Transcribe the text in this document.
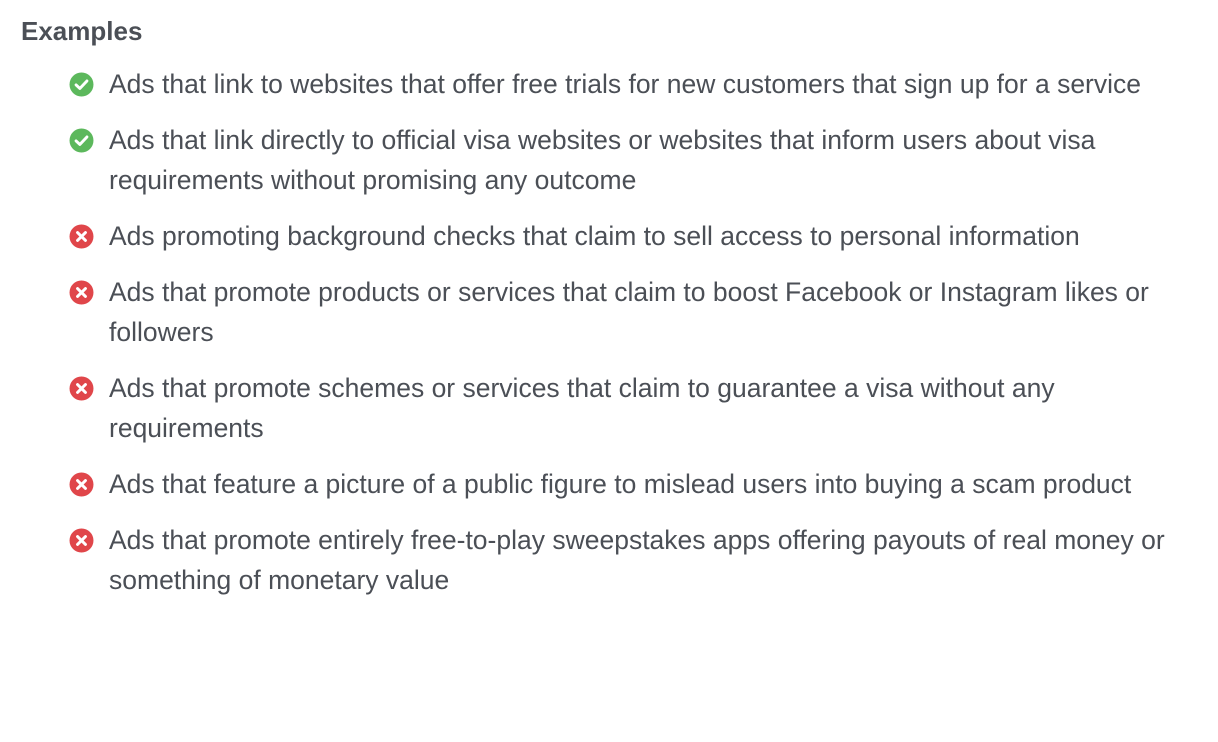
Examples
Ads that link to websites that offer free trials for new customers that sign up for a service
Ads that link directly to official visa websites or websites that inform users about visa requirements without promising any outcome
Ads promoting background checks that claim to sell access to personal information
Ads that promote products or services that claim to boost Facebook or Instagram likes or followers
Ads that promote schemes or services that claim to guarantee a visa without any requirements
Ads that feature a picture of a public figure to mislead users into buying a scam product
Ads that promote entirely free-to-play sweepstakes apps offering payouts of real money or something of monetary value
